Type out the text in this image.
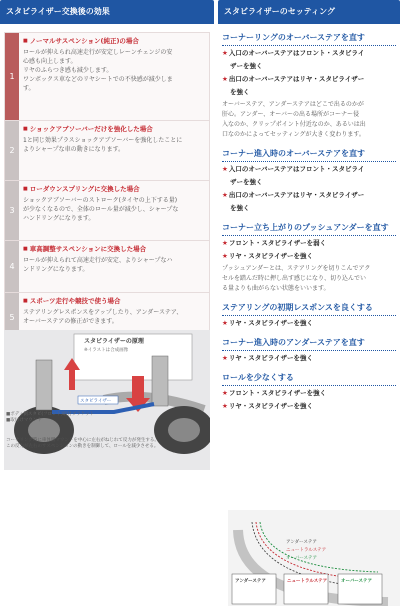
スタビライザー交換後の効果
1
■ ノーマルサスペンション(純正)の場合
ロールが抑えられ高速走行が安定しレーンチェンジの安
心感も向上します。
リヤのふらつき感も減少します。
ワンボックス車などのリヤシートでの不快感が減少しま
す。
2
■ ショックアブソーバーだけを強化した場合
1と同じ効果プラスショックアブソーバーを強化したことに
よりシャープな車の動きになります。
3
■ ローダウンスプリングに交換した場合
ショックアブソーバーのストローク(タイヤの上下する量)
が少なくなるので、全体のロール量が減少し、シャープな
ハンドリングになります。
4
■ 車高調整サスペンションに交換した場合
ロールが抑えられて高速走行が安定、よりシャープなハ
ンドリングになります。
5
■ スポーツ走行や競技で使う場合
ステアリングレスポンスをアップしたり、アンダーステア、
オーバーステアの修正ができます。
スタビライザーの原理
※イラストは合成画像
スタビライザー
■ボディ側スタビ(フロント)取付ブラケット
■取付けマウント
コーナリング時に車体側マウントを中心に左右がねじれて反力が発生する。
この反力が左右のサスペンションの動きを制御して、ロールを減少させる。
スタビライザーのセッティング
コーナーリングのオーバーステアを直す
★入口のオーバーステアはフロント・スタビライ
ザーを強く
★出口のオーバーステアはリヤ・スタビライザー
を強く
オーバーステア、アンダーステアはどこで出るのかが
肝心。アンダー、オーバーの出る場所がコーナー侵
入なのか、クリップポイント付近なのか、あるいは出
口なのかによってセッティングが大きく変わります。
コーナー進入時のオーバーステアを直す
★入口のオーバーステアはフロント・スタビライ
ザーを強く
★出口のオーバーステアはリヤ・スタビライザー
を強く
コーナー立ち上がりのプッシュアンダーを直す
★フロント・スタビライザーを弱く
★リヤ・スタビライザーを強く
プッシュアンダーとは、ステアリングを切りこんでアク
セルを踏んだ時に押し出す感じになり、切り込んでい
る量よりも曲がらない状態をいいます。
ステアリングの初期レスポンスを良くする
★リヤ・スタビライザーを強く
コーナー進入時のアンダーステアを直す
★リヤ・スタビライザーを強く
ロールを少なくする
★フロント・スタビライザーを強く
★リヤ・スタビライザーを強く
アンダーステア
ニュートラルステア
オーバーステア
アンダーステア	ニュートラルステア	オーバーステア
